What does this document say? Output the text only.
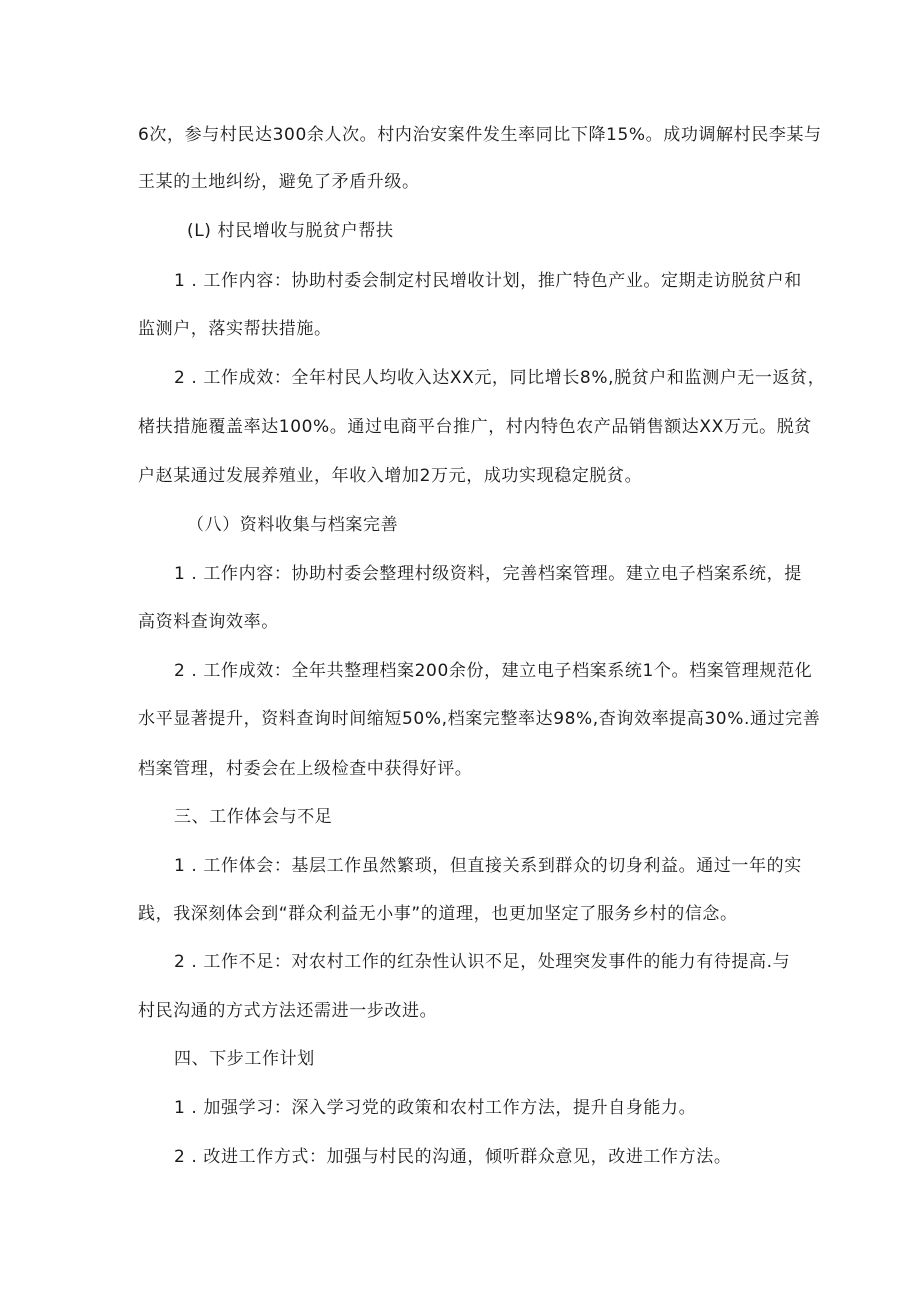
6次，参与村民达300余人次。村内治安案件发生率同比下降15%。成功调解村民李某与
王某的土地纠纷，避免了矛盾升级。
(L) 村民增收与脱贫户帮扶
1 . 工作内容：协助村委会制定村民增收计划，推广特色产业。定期走访脱贫户和
监测户，落实帮扶措施。
2 . 工作成效：全年村民人均收入达XX元，同比增长8%,脱贫户和监测户无一返贫，
楮扶措施覆盖率达100%。通过电商平台推广，村内特色农产品销售额达XX万元。脱贫
户赵某通过发展养殖业，年收入增加2万元，成功实现稳定脱贫。
（八）资料收集与档案完善
1 . 工作内容：协助村委会整理村级资料，完善档案管理。建立电子档案系统，提
高资料查询效率。
2 . 工作成效：全年共整理档案200余份，建立电子档案系统1个。档案管理规范化
水平显著提升，资料查询时间缩短50%,档案完整率达98%,杳询效率提高30%.通过完善
档案管理，村委会在上级检查中获得好评。
三、工作体会与不足
1 . 工作体会：基层工作虽然繁琐，但直接关系到群众的切身利益。通过一年的实
践，我深刻体会到“群众利益无小事”的道理，也更加坚定了服务乡村的信念。
2 . 工作不足：对农村工作的红杂性认识不足，处理突发事件的能力有待提高.与
村民沟通的方式方法还需进一步改进。
四、下步工作计划
1 . 加强学习：深入学习党的政策和农村工作方法，提升自身能力。
2 . 改进工作方式：加强与村民的沟通，倾听群众意见，改进工作方法。
